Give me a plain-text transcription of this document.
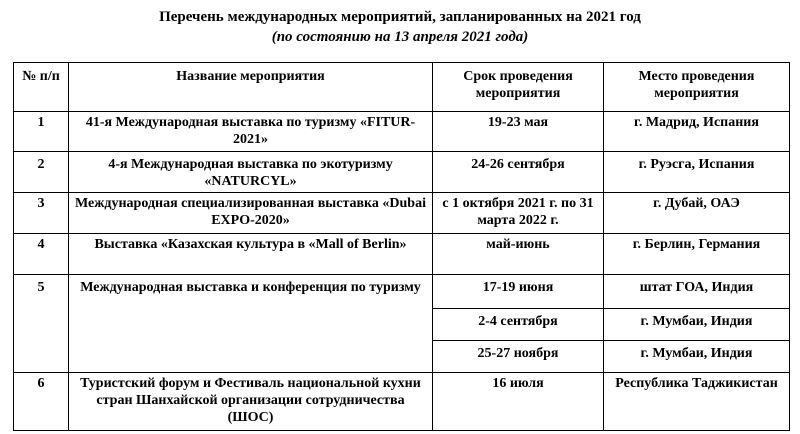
Перечень международных мероприятий, запланированных на 2021 год
(по состоянию на 13 апреля 2021 года)
№ п/п	Название мероприятия	Срок проведения мероприятия	Место проведения мероприятия
1	41-я Международная выставка по туризму «FITUR-2021»	19-23 мая	г. Мадрид, Испания
2	4-я Международная выставка по экотуризму «NATURCYL»	24-26 сентября	г. Руэсга, Испания
3	Международная специализированная выставка «Dubai EXPO-2020»	с 1 октября 2021 г. по 31 марта 2022 г.	г. Дубай, ОАЭ
4	Выставка «Казахская культура в «Mall of Berlin»	май-июнь	г. Берлин, Германия
5	Международная выставка и конференция по туризму	17-19 июня	штат ГОА, Индия
		2-4 сентября	г. Мумбаи, Индия
		25-27 ноября	г. Мумбаи, Индия
6	Туристский форум и Фестиваль национальной кухни стран Шанхайской организации сотрудничества (ШОС)	16 июля	Республика Таджикистан
